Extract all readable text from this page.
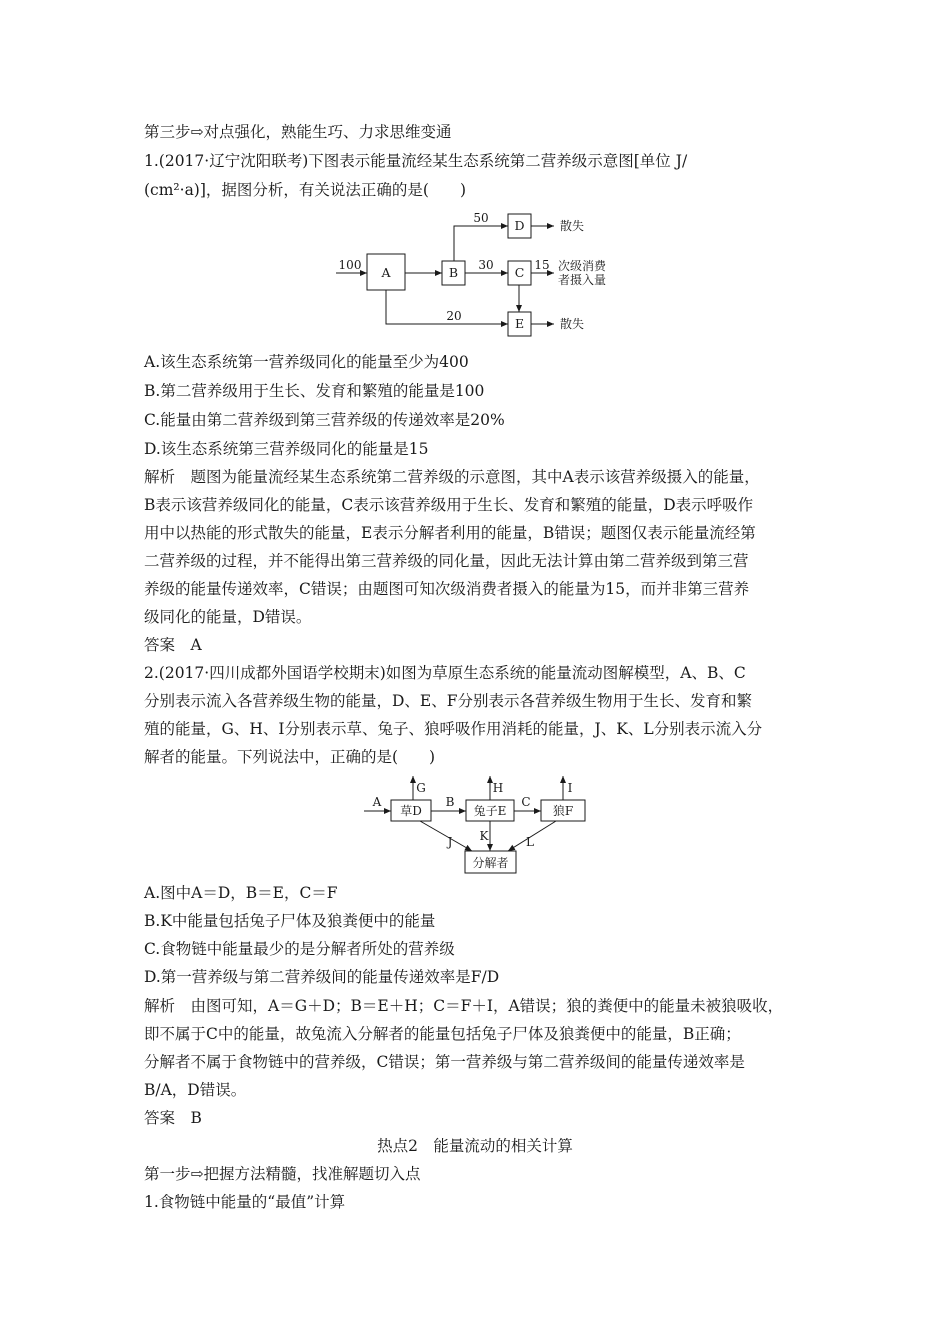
第三步⇨对点强化，熟能生巧、力求思维变通
1.(2017·辽宁沈阳联考)下图表示能量流经某生态系统第二营养级示意图[单位 J/
(cm²·a)]，据图分析，有关说法正确的是(　　)
A	B	C
D
E
100
50
30	15
20
散失
散失
次级消费
者摄入量
A.该生态系统第一营养级同化的能量至少为400
B.第二营养级用于生长、发育和繁殖的能量是100
C.能量由第二营养级到第三营养级的传递效率是20%
D.该生态系统第三营养级同化的能量是15
解析　题图为能量流经某生态系统第二营养级的示意图，其中A表示该营养级摄入的能量，
B表示该营养级同化的能量，C表示该营养级用于生长、发育和繁殖的能量，D表示呼吸作
用中以热能的形式散失的能量，E表示分解者利用的能量，B错误；题图仅表示能量流经第
二营养级的过程，并不能得出第三营养级的同化量，因此无法计算由第二营养级到第三营
养级的能量传递效率，C错误；由题图可知次级消费者摄入的能量为15，而并非第三营养
级同化的能量，D错误。
答案　A
2.(2017·四川成都外国语学校期末)如图为草原生态系统的能量流动图解模型，A、B、C
分别表示流入各营养级生物的能量，D、E、F分别表示各营养级生物用于生长、发育和繁
殖的能量，G、H、I分别表示草、兔子、狼呼吸作用消耗的能量，J、K、L分别表示流入分
解者的能量。下列说法中，正确的是(　　)
草D	兔子E	狼F
分解者
A	B	C
G	H	I
J K	L
A.图中A＝D，B＝E，C＝F
B.K中能量包括兔子尸体及狼粪便中的能量
C.食物链中能量最少的是分解者所处的营养级
D.第一营养级与第二营养级间的能量传递效率是F/D
解析　由图可知，A＝G＋D；B＝E＋H；C＝F＋I，A错误；狼的粪便中的能量未被狼吸收，
即不属于C中的能量，故兔流入分解者的能量包括兔子尸体及狼粪便中的能量，B正确；
分解者不属于食物链中的营养级，C错误；第一营养级与第二营养级间的能量传递效率是
B/A，D错误。
答案　B
热点2　能量流动的相关计算
第一步⇨把握方法精髓，找准解题切入点
1.食物链中能量的“最值”计算
